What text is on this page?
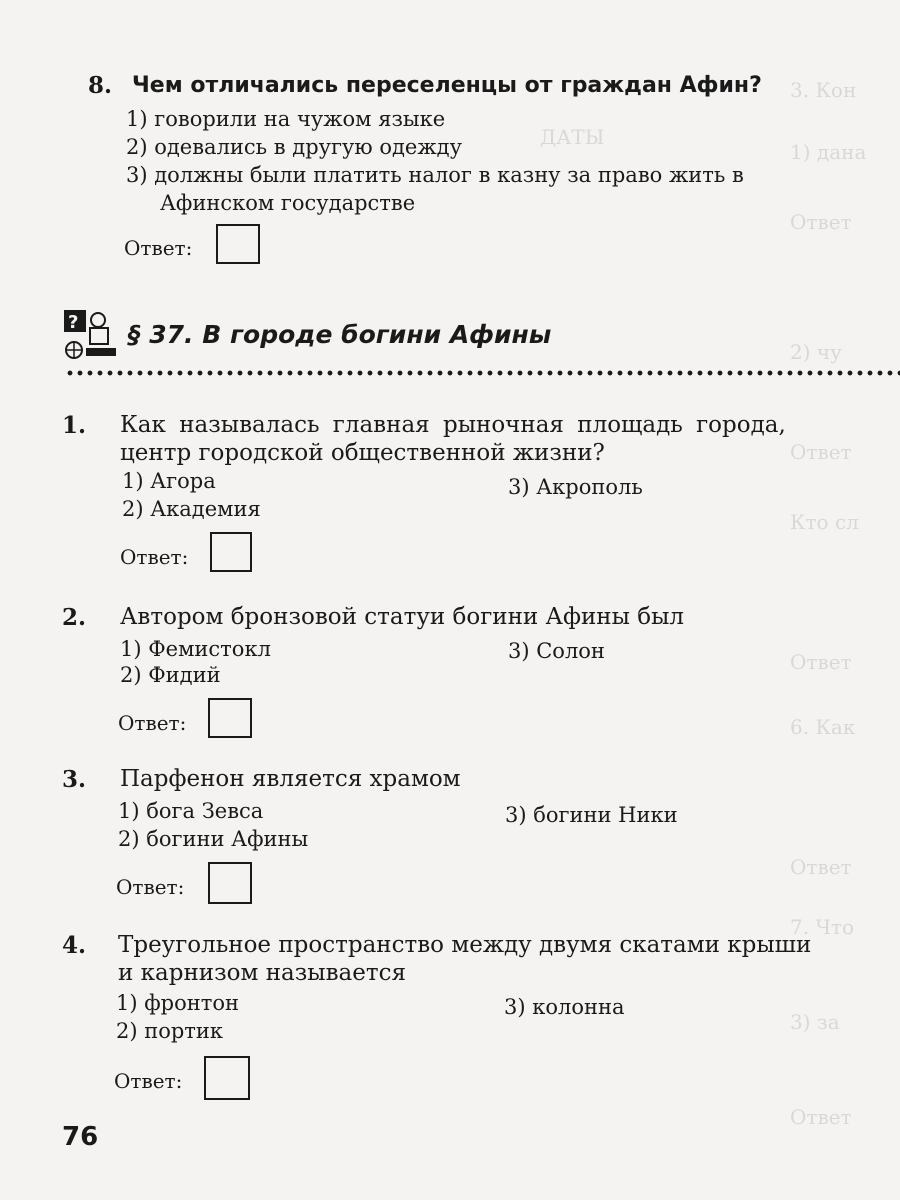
3. Кон
1) дана
ДАТЫ
Ответ
2) чу
Ответ
Кто сл
Ответ
6. Как
Ответ
7. Что
3) за
Ответ
8. Чем отличались переселенцы от граждан Афин?
1) говорили на чужом языке
2) одевались в другую одежду
3) должны были платить налог в казну за право жить в
Афинском государстве
Ответ:
? § 37. В городе богини Афины
1. Как называлась главная рыночная площадь города,
центр городской общественной жизни?
1) Агора
2) Академия
3) Акрополь
Ответ:
2. Автором бронзовой статуи богини Афины был
1) Фемистокл
2) Фидий
3) Солон
Ответ:
3. Парфенон является храмом
1) бога Зевса
2) богини Афины
3) богини Ники
Ответ:
4. Треугольное пространство между двумя скатами крыши
и карнизом называется
1) фронтон
2) портик
3) колонна
Ответ:
76
